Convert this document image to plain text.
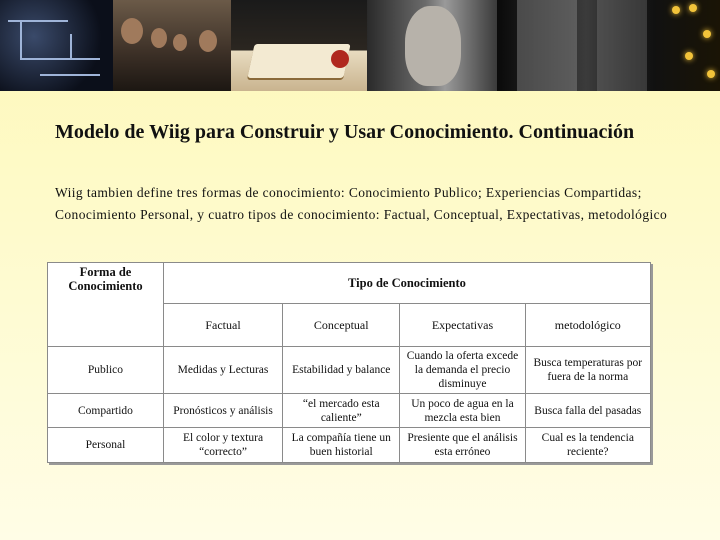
Modelo de Wiig para Construir y Usar Conocimiento. Continuación

Wiig tambien define tres formas de conocimiento: Conocimiento Publico; Experiencias Compartidas; Conocimiento Personal, y cuatro tipos de conocimiento: Factual, Conceptual, Expectativas, metodológico

Forma de Conocimiento	Tipo de Conocimiento			
	Factual	Conceptual	Expectativas	metodológico
Publico	Medidas y Lecturas	Estabilidad y balance	Cuando la oferta excede la demanda el precio disminuye	Busca temperaturas por fuera de la norma
Compartido	Pronósticos y análisis	“el mercado esta caliente”	Un poco de agua en la mezcla esta bien	Busca falla del pasadas
Personal	El color y textura “correcto”	La compañía tiene un buen historial	Presiente que el análisis esta erróneo	Cual es la tendencia reciente?
